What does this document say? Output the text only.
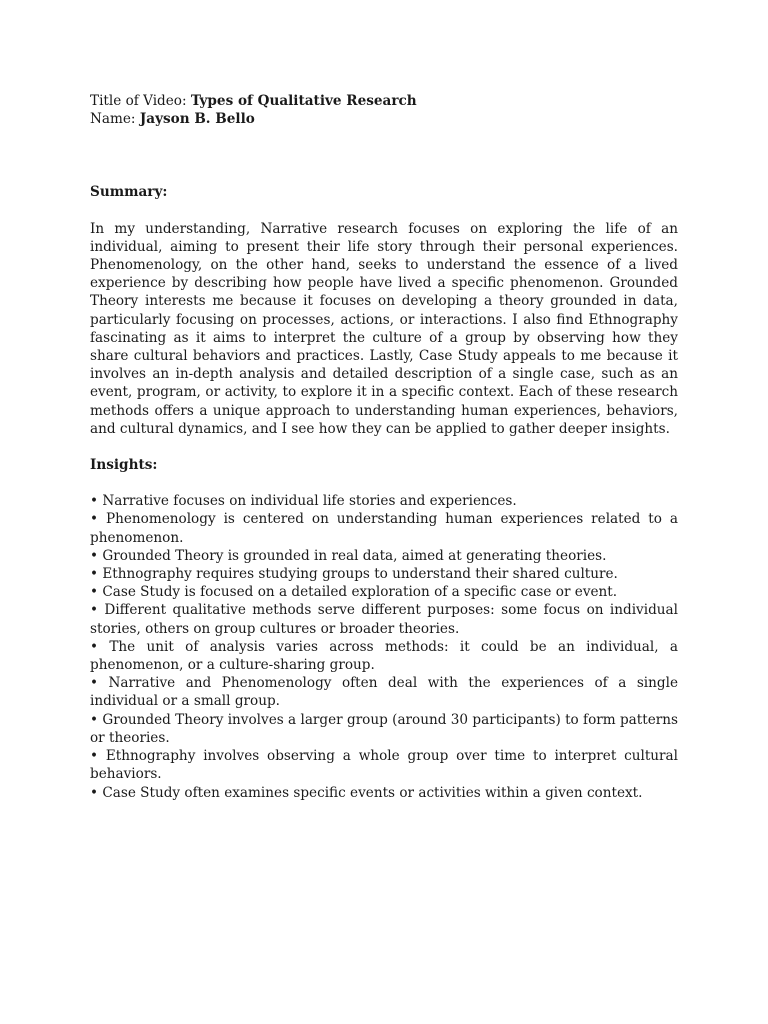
Title of Video: Types of Qualitative Research

Name: Jayson B. Bello

Summary:

In my understanding, Narrative research focuses on exploring the life of an individual, aiming to present their life story through their personal experiences. Phenomenology, on the other hand, seeks to understand the essence of a lived experience by describing how people have lived a specific phenomenon. Grounded Theory interests me because it focuses on developing a theory grounded in data, particularly focusing on processes, actions, or interactions. I also find Ethnography fascinating as it aims to interpret the culture of a group by observing how they share cultural behaviors and practices. Lastly, Case Study appeals to me because it involves an in-depth analysis and detailed description of a single case, such as an event, program, or activity, to explore it in a specific context. Each of these research methods offers a unique approach to understanding human experiences, behaviors, and cultural dynamics, and I see how they can be applied to gather deeper insights.

Insights:

• Narrative focuses on individual life stories and experiences.
• Phenomenology is centered on understanding human experiences related to a phenomenon.
• Grounded Theory is grounded in real data, aimed at generating theories.
• Ethnography requires studying groups to understand their shared culture.
• Case Study is focused on a detailed exploration of a specific case or event.
• Different qualitative methods serve different purposes: some focus on individual stories, others on group cultures or broader theories.
• The unit of analysis varies across methods: it could be an individual, a phenomenon, or a culture-sharing group.
• Narrative and Phenomenology often deal with the experiences of a single individual or a small group.
• Grounded Theory involves a larger group (around 30 participants) to form patterns or theories.
• Ethnography involves observing a whole group over time to interpret cultural behaviors.
• Case Study often examines specific events or activities within a given context.
